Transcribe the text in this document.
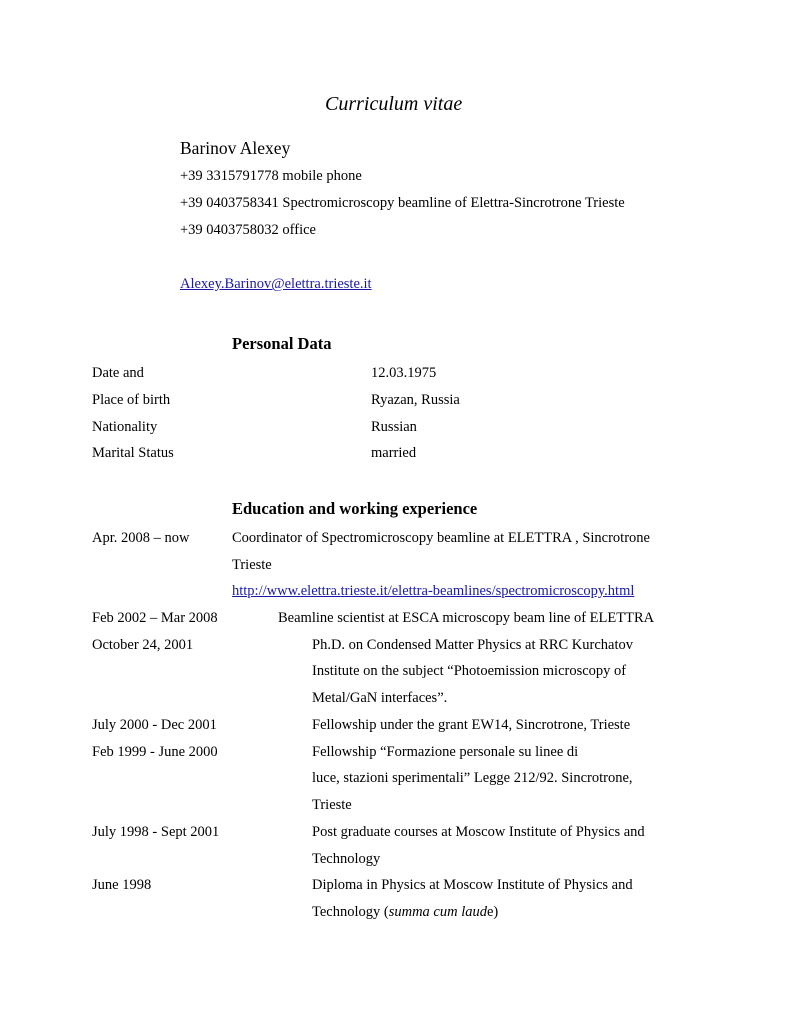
Curriculum vitae
Barinov Alexey
+39 3315791778 mobile phone
+39 0403758341 Spectromicroscopy beamline of Elettra-Sincrotrone Trieste
+39 0403758032 office
Alexey.Barinov@elettra.trieste.it
Personal Data
Date and	12.03.1975
Place of birth	Ryazan, Russia
Nationality	Russian
Marital Status	married
Education and working experience
Apr. 2008 – now	Coordinator of Spectromicroscopy beamline at ELETTRA , Sincrotrone
Trieste
http://www.elettra.trieste.it/elettra-beamlines/spectromicroscopy.html
Feb 2002 – Mar 2008	Beamline scientist at ESCA microscopy beam line of ELETTRA
October 24, 2001	Ph.D. on Condensed Matter Physics at RRC Kurchatov
Institute on the subject “Photoemission microscopy of
Metal/GaN interfaces”.
July 2000 - Dec 2001	Fellowship under the grant EW14, Sincrotrone, Trieste
Feb 1999 - June 2000	Fellowship “Formazione personale su linee di
luce, stazioni sperimentali” Legge 212/92. Sincrotrone,
Trieste
July 1998 - Sept 2001	Post graduate courses at Moscow Institute of Physics and
Technology
June 1998	Diploma in Physics at Moscow Institute of Physics and
Technology (summa cum laude)
